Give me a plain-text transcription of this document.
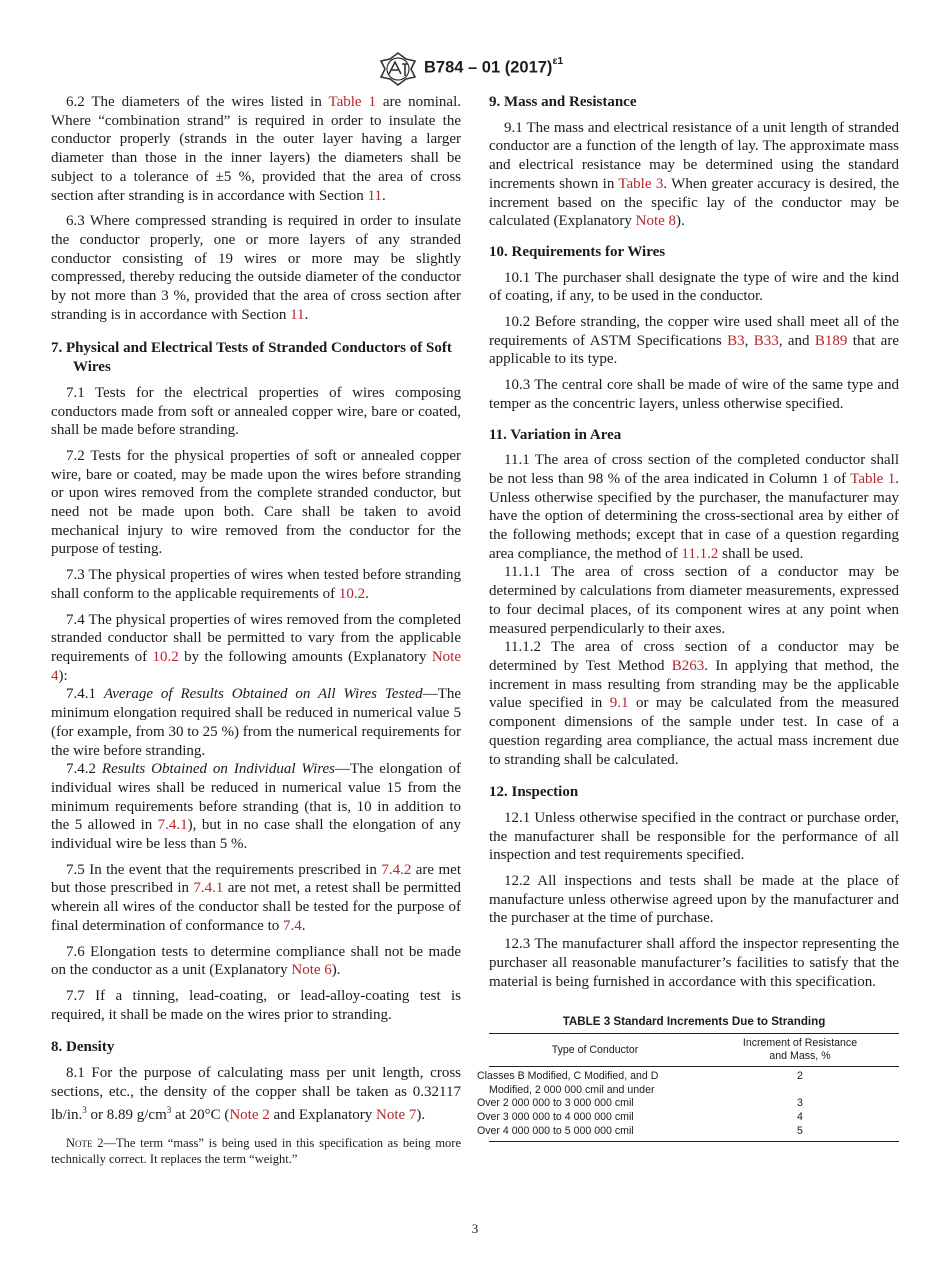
B784 – 01 $(2017)^{\varepsilon 1}$

6.2 The diameters of the wires listed in Table 1 are nominal. Where “combination strand” is required in order to insulate the conductor properly (strands in the outer layer having a larger diameter than those in the inner layers) the diameters shall be subject to a tolerance of ±5 %, provided that the area of cross section after stranding is in accordance with Section 11.

6.3 Where compressed stranding is required in order to insulate the conductor properly, one or more layers of any stranded conductor consisting of 19 wires or more may be slightly compressed, thereby reducing the outside diameter of the conductor by not more than 3 %, provided that the area of cross section after stranding is in accordance with Section 11.

7. Physical and Electrical Tests of Stranded Conductors of Soft Wires

7.1 Tests for the electrical properties of wires composing conductors made from soft or annealed copper wire, bare or coated, shall be made before stranding.

7.2 Tests for the physical properties of soft or annealed copper wire, bare or coated, may be made upon the wires before stranding or upon wires removed from the complete stranded conductor, but need not be made upon both. Care shall be taken to avoid mechanical injury to wire removed from the conductor for the purpose of testing.

7.3 The physical properties of wires when tested before stranding shall conform to the applicable requirements of 10.2.

7.4 The physical properties of wires removed from the completed stranded conductor shall be permitted to vary from the applicable requirements of 10.2 by the following amounts (Explanatory Note 4):

7.4.1 Average of Results Obtained on All Wires Tested—The minimum elongation required shall be reduced in numerical value 5 (for example, from 30 to 25 %) from the numerical requirements for the wire before stranding.

7.4.2 Results Obtained on Individual Wires—The elongation of individual wires shall be reduced in numerical value 15 from the minimum requirements before stranding (that is, 10 in addition to the 5 allowed in 7.4.1), but in no case shall the elongation of any individual wire be less than 5 %.

7.5 In the event that the requirements prescribed in 7.4.2 are met but those prescribed in 7.4.1 are not met, a retest shall be permitted wherein all wires of the conductor shall be tested for the purpose of final determination of conformance to 7.4.

7.6 Elongation tests to determine compliance shall not be made on the conductor as a unit (Explanatory Note 6).

7.7 If a tinning, lead-coating, or lead-alloy-coating test is required, it shall be made on the wires prior to stranding.

8. Density

8.1 For the purpose of calculating mass per unit length, cross sections, etc., the density of the copper shall be taken as 0.32117 lb/in.$^3$ or 8.89 $g/cm^3$ at 20°C (Note 2 and Explanatory Note 7).

Note 2—The term “mass” is being used in this specification as being more technically correct. It replaces the term “weight.”

9. Mass and Resistance

9.1 The mass and electrical resistance of a unit length of stranded conductor are a function of the length of lay. The approximate mass and electrical resistance may be determined using the standard increments shown in Table 3. When greater accuracy is desired, the increment based on the specific lay of the conductor may be calculated (Explanatory Note 8).

10. Requirements for Wires

10.1 The purchaser shall designate the type of wire and the kind of coating, if any, to be used in the conductor.

10.2 Before stranding, the copper wire used shall meet all of the requirements of ASTM Specifications B3, B33, and B189 that are applicable to its type.

10.3 The central core shall be made of wire of the same type and temper as the concentric layers, unless otherwise specified.

11. Variation in Area

11.1 The area of cross section of the completed conductor shall be not less than 98 % of the area indicated in Column 1 of Table 1. Unless otherwise specified by the purchaser, the manufacturer may have the option of determining the cross-sectional area by either of the following methods; except that in case of a question regarding area compliance, the method of 11.1.2 shall be used.

11.1.1 The area of cross section of a conductor may be determined by calculations from diameter measurements, expressed to four decimal places, of its component wires at any point when measured perpendicularly to their axes.

11.1.2 The area of cross section of a conductor may be determined by Test Method B263. In applying that method, the increment in mass resulting from stranding may be the applicable value specified in 9.1 or may be calculated from the measured component dimensions of the sample under test. In case of a question regarding area compliance, the actual mass increment due to stranding shall be calculated.

12. Inspection

12.1 Unless otherwise specified in the contract or purchase order, the manufacturer shall be responsible for the performance of all inspection and test requirements specified.

12.2 All inspections and tests shall be made at the place of manufacture unless otherwise agreed upon by the manufacturer and the purchaser at the time of purchase.

12.3 The manufacturer shall afford the inspector representing the purchaser all reasonable manufacturer’s facilities to satisfy that the material is being furnished in accordance with this specification.

TABLE 3 Standard Increments Due to Stranding

Type of Conductor	Increment of Resistance
and Mass, %
Classes B Modified, C Modified, and D Modified, 2 000 000 cmil and under	2
Over 2 000 000 to 3 000 000 cmil	3
Over 3 000 000 to 4 000 000 cmil	4
Over 4 000 000 to 5 000 000 cmil	5
3
